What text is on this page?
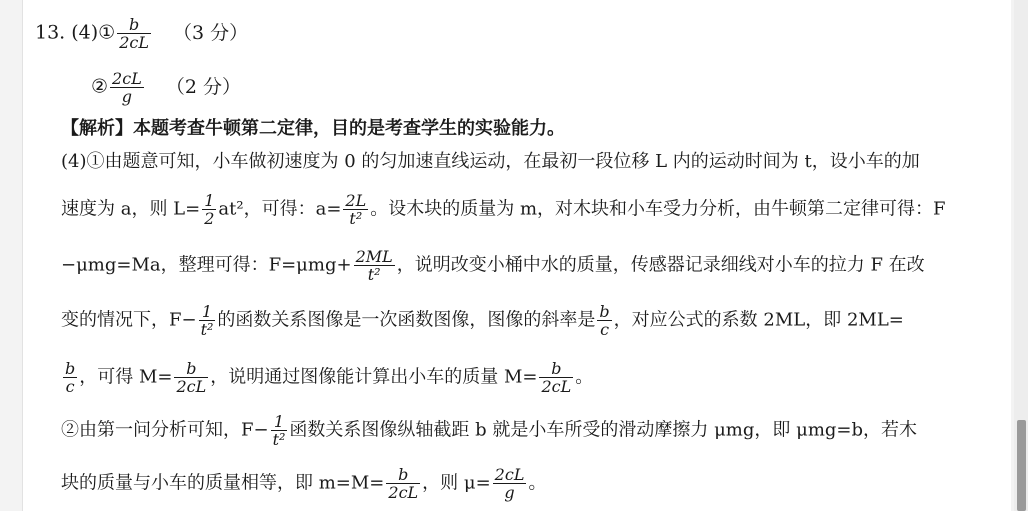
13. (4)① $\frac{b}{2cL} (3$ 分）
② $\frac{2cL}{g} (2$ 分）
【解析】本题考查牛顿第二定律，目的是考查学生的实验能力。
(4)①由题意可知，小车做初速度为 0 的匀加速直线运动，在最初一段位移 L 内的运动时间为 t，设小车的加
速度为 a，则 $L= \frac{1}{2} at^2$，可得：$a= \frac{2L}{\text{t²}}$ 。设木块的质量为 m，对木块和小车受力分析，由牛顿第二定律可得：F
−μmg=Ma，整理可得：$F=\mu mg+ \frac{2ML}{\text{t²}}$ ，说明改变小桶中水的质量，传感器记录细线对小车的拉力 F 在改
变的情况下，$F- \frac{1}{\text{t²}}$ 的函数关系图像是一次函数图像，图像的斜率是 $\frac{b}{c}$ ，对应公式的系数 2ML，即 2ML=
$\frac{b}{c}$ ，可得 $M= \frac{b}{2cL}$ ，说明通过图像能计算出小车的质量 $M= \frac{b}{2cL}$ 。
②由第一问分析可知，$F- \frac{1}{\text{t²}}$ 函数关系图像纵轴截距 b 就是小车所受的滑动摩擦力 μmg，即 μmg=b，若木
块的质量与小车的质量相等，即 $m=M= \frac{b}{2cL}$ ，则 $\mu= \frac{2cL}{g}$ 。
